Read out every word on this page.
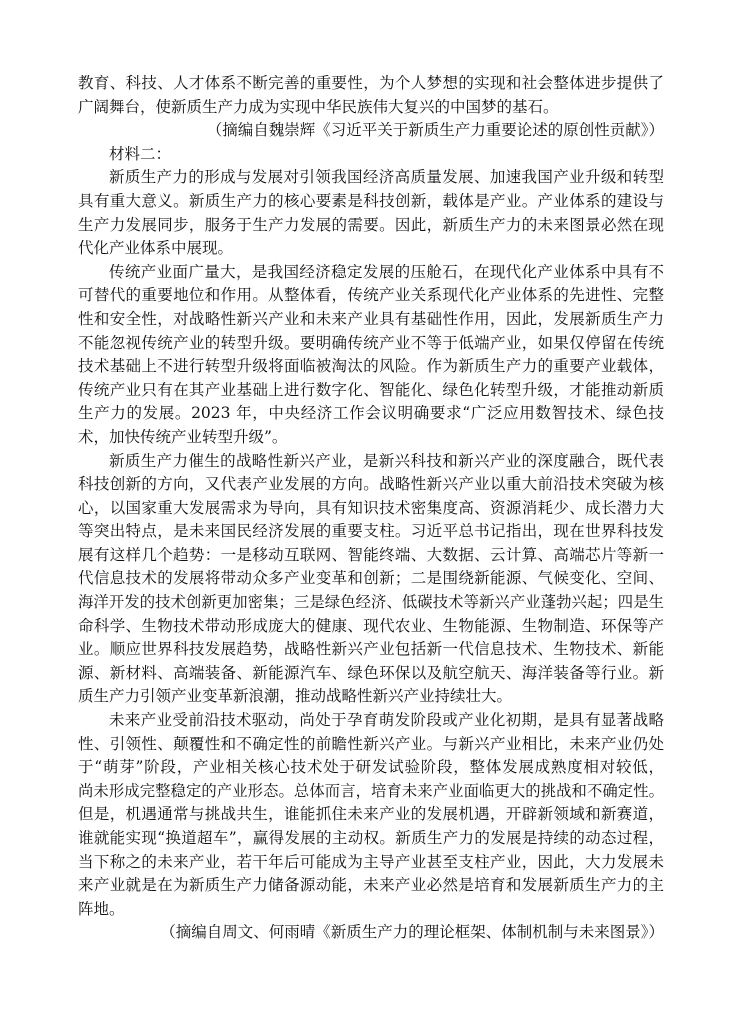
教育、科技、人才体系不断完善的重要性，为个人梦想的实现和社会整体进步提供了

广阔舞台，使新质生产力成为实现中华民族伟大复兴的中国梦的基石。

（摘编自魏崇辉《习近平关于新质生产力重要论述的原创性贡献》）

材料二：

新质生产力的形成与发展对引领我国经济高质量发展、加速我国产业升级和转型

具有重大意义。新质生产力的核心要素是科技创新，载体是产业。产业体系的建设与

生产力发展同步，服务于生产力发展的需要。因此，新质生产力的未来图景必然在现

代化产业体系中展现。

传统产业面广量大，是我国经济稳定发展的压舱石，在现代化产业体系中具有不

可替代的重要地位和作用。从整体看，传统产业关系现代化产业体系的先进性、完整

性和安全性，对战略性新兴产业和未来产业具有基础性作用，因此，发展新质生产力

不能忽视传统产业的转型升级。要明确传统产业不等于低端产业，如果仅停留在传统

技术基础上不进行转型升级将面临被淘汰的风险。作为新质生产力的重要产业载体，

传统产业只有在其产业基础上进行数字化、智能化、绿色化转型升级，才能推动新质

生产力的发展。2023 年，中央经济工作会议明确要求“广泛应用数智技术、绿色技

术，加快传统产业转型升级”。

新质生产力催生的战略性新兴产业，是新兴科技和新兴产业的深度融合，既代表

科技创新的方向，又代表产业发展的方向。战略性新兴产业以重大前沿技术突破为核

心，以国家重大发展需求为导向，具有知识技术密集度高、资源消耗少、成长潜力大

等突出特点，是未来国民经济发展的重要支柱。习近平总书记指出，现在世界科技发

展有这样几个趋势：一是移动互联网、智能终端、大数据、云计算、高端芯片等新一

代信息技术的发展将带动众多产业变革和创新；二是围绕新能源、气候变化、空间、

海洋开发的技术创新更加密集；三是绿色经济、低碳技术等新兴产业蓬勃兴起；四是生

命科学、生物技术带动形成庞大的健康、现代农业、生物能源、生物制造、环保等产

业。顺应世界科技发展趋势，战略性新兴产业包括新一代信息技术、生物技术、新能

源、新材料、高端装备、新能源汽车、绿色环保以及航空航天、海洋装备等行业。新

质生产力引领产业变革新浪潮，推动战略性新兴产业持续壮大。

未来产业受前沿技术驱动，尚处于孕育萌发阶段或产业化初期，是具有显著战略

性、引领性、颠覆性和不确定性的前瞻性新兴产业。与新兴产业相比，未来产业仍处

于“萌芽”阶段，产业相关核心技术处于研发试验阶段，整体发展成熟度相对较低，

尚未形成完整稳定的产业形态。总体而言，培育未来产业面临更大的挑战和不确定性。

但是，机遇通常与挑战共生，谁能抓住未来产业的发展机遇，开辟新领域和新赛道，

谁就能实现“换道超车”，赢得发展的主动权。新质生产力的发展是持续的动态过程，

当下称之的未来产业，若干年后可能成为主导产业甚至支柱产业，因此，大力发展未

来产业就是在为新质生产力储备源动能，未来产业必然是培育和发展新质生产力的主

阵地。

（摘编自周文、何雨晴《新质生产力的理论框架、体制机制与未来图景》）
